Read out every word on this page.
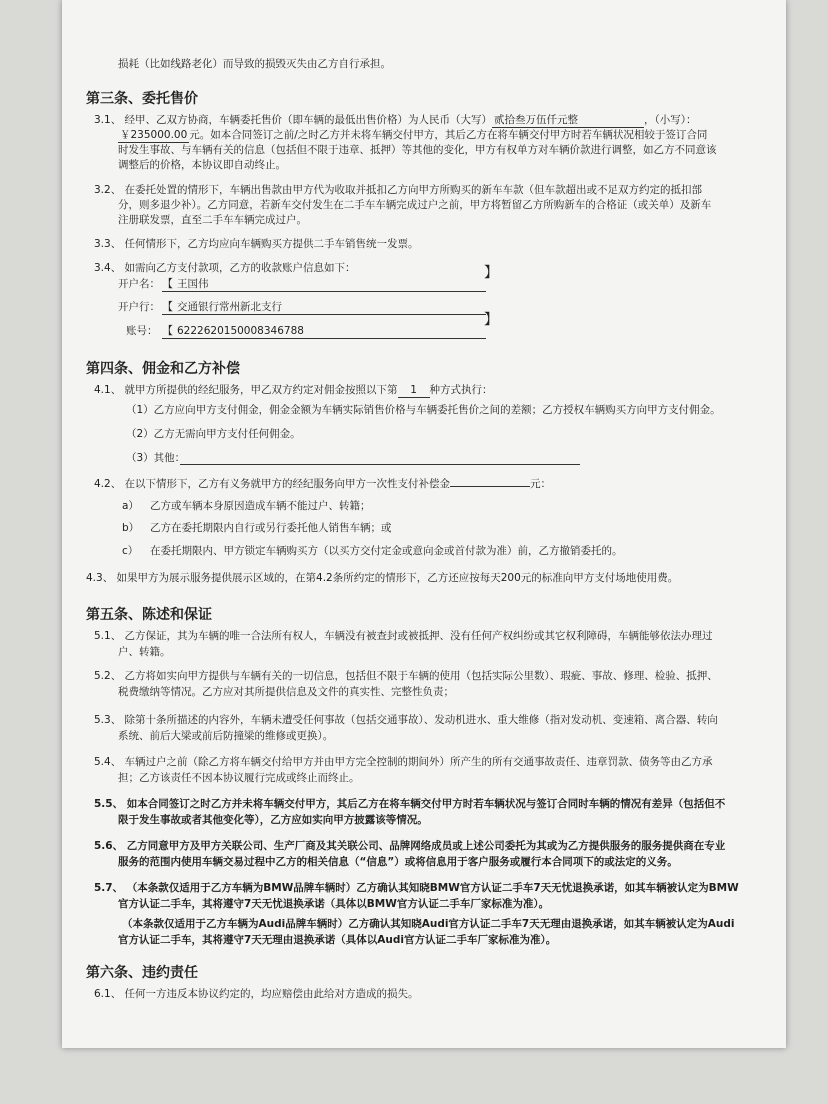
损耗（比如线路老化）而导致的损毁灭失由乙方自行承担。
第三条、委托售价
3.1、 经甲、乙双方协商，车辆委托售价（即车辆的最低出售价格）为人民币（大写） 贰拾叁万伍仟元整	，（小写）：
￥235000.00 元。如本合同签订之前/之时乙方并未将车辆交付甲方，其后乙方在将车辆交付甲方时若车辆状况相较于签订合同
时发生事故、与车辆有关的信息（包括但不限于违章、抵押）等其他的变化，甲方有权单方对车辆价款进行调整，如乙方不同意该
调整后的价格，本协议即自动终止。
3.2、 在委托处置的情形下，车辆出售款由甲方代为收取并抵扣乙方向甲方所购买的新车车款（但车款超出或不足双方约定的抵扣部
分，则多退少补）。乙方同意，若新车交付发生在二手车车辆完成过户之前，甲方将暂留乙方所购新车的合格证（或关单）及新车
注册联发票，直至二手车车辆完成过户。
3.3、 任何情形下，乙方均应向车辆购买方提供二手车销售统一发票。
3.4、 如需向乙方支付款项，乙方的收款账户信息如下：
开户名： 【 王国伟
】
开户行： 【 交通银行常州新北支行
账号： 【 6222620150008346788
】
第四条、佣金和乙方补偿
4.1、 就甲方所提供的经纪服务，甲乙双方约定对佣金按照以下第 1 种方式执行：
（1）乙方应向甲方支付佣金，佣金金额为车辆实际销售价格与车辆委托售价之间的差额；乙方授权车辆购买方向甲方支付佣金。
（2）乙方无需向甲方支付任何佣金。
（3）其他：
4.2、 在以下情形下，乙方有义务就甲方的经纪服务向甲方一次性支付补偿金	元：
a） 乙方或车辆本身原因造成车辆不能过户、转籍；
b） 乙方在委托期限内自行或另行委托他人销售车辆；或
c） 在委托期限内、甲方锁定车辆购买方（以买方交付定金或意向金或首付款为准）前，乙方撤销委托的。
4.3、 如果甲方为展示服务提供展示区域的，在第4.2条所约定的情形下，乙方还应按每天200元的标准向甲方支付场地使用费。
第五条、陈述和保证
5.1、 乙方保证，其为车辆的唯一合法所有权人，车辆没有被查封或被抵押、没有任何产权纠纷或其它权利障碍，车辆能够依法办理过
户、转籍。
5.2、 乙方将如实向甲方提供与车辆有关的一切信息，包括但不限于车辆的使用（包括实际公里数）、瑕疵、事故、修理、检验、抵押、
税费缴纳等情况。乙方应对其所提供信息及文件的真实性、完整性负责；
5.3、 除第十条所描述的内容外，车辆未遭受任何事故（包括交通事故）、发动机进水、重大维修（指对发动机、变速箱、离合器、转向
系统、前后大梁或前后防撞梁的维修或更换）。
5.4、 车辆过户之前（除乙方将车辆交付给甲方并由甲方完全控制的期间外）所产生的所有交通事故责任、违章罚款、债务等由乙方承
担；乙方该责任不因本协议履行完成或终止而终止。
5.5、 如本合同签订之时乙方并未将车辆交付甲方，其后乙方在将车辆交付甲方时若车辆状况与签订合同时车辆的情况有差异（包括但不
限于发生事故或者其他变化等），乙方应如实向甲方披露该等情况。
5.6、 乙方同意甲方及甲方关联公司、生产厂商及其关联公司、品牌网络成员或上述公司委托为其或为乙方提供服务的服务提供商在专业
服务的范围内使用车辆交易过程中乙方的相关信息（“信息”）或将信息用于客户服务或履行本合同项下的或法定的义务。
5.7、 （本条款仅适用于乙方车辆为BMW品牌车辆时）乙方确认其知晓BMW官方认证二手车7天无忧退换承诺，如其车辆被认定为BMW
官方认证二手车，其将遵守7天无忧退换承诺（具体以BMW官方认证二手车厂家标准为准）。
（本条款仅适用于乙方车辆为Audi品牌车辆时）乙方确认其知晓Audi官方认证二手车7天无理由退换承诺，如其车辆被认定为Audi
官方认证二手车，其将遵守7天无理由退换承诺（具体以Audi官方认证二手车厂家标准为准）。
第六条、违约责任
6.1、 任何一方违反本协议约定的，均应赔偿由此给对方造成的损失。
